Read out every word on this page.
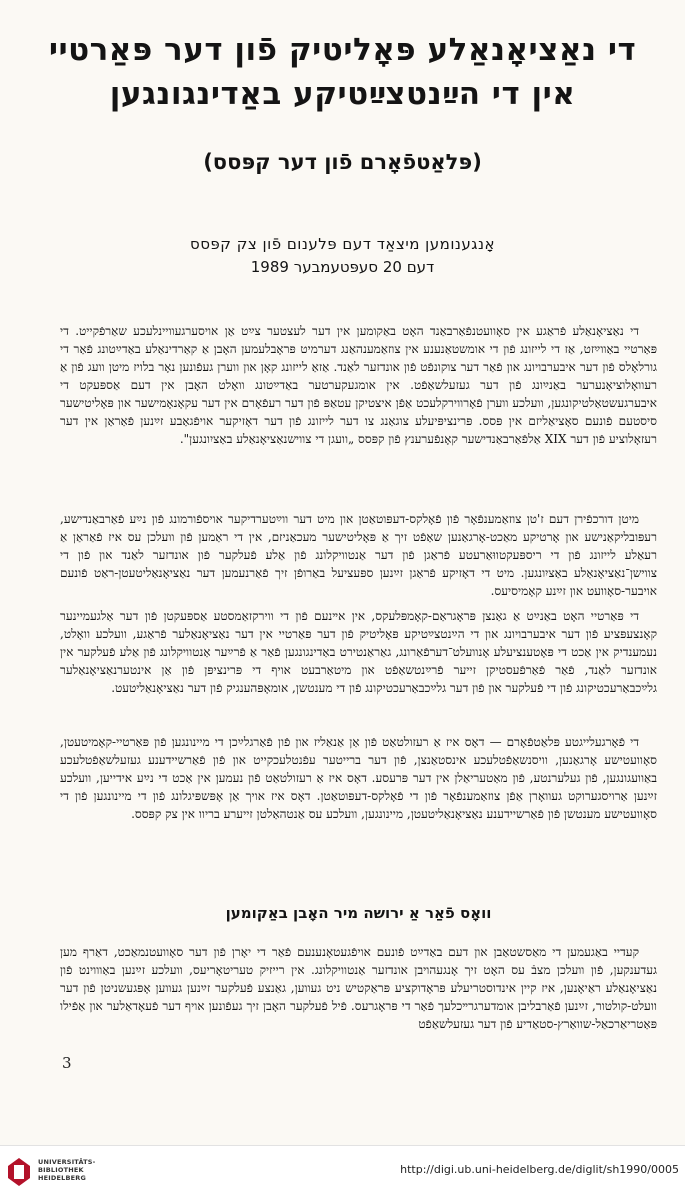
די נאַציאָנאַלע פּאָליטיק פֿון דער פּאַרטיי
אין די הײַנטצײַטיקע באַדינגונגען
(פּלאַטפֿאָרם פֿון דער קפּסס)
אָנגענומען מיצאַד דעם פּלענום פֿון צק קפּסס
דעם 20 סעפּטעמבער 1989

די נאַציאָנאַלע פֿראַגע אין סאָוועטנפֿאַרבאַנד האָט באַקומען אין דער לעצטער צײַט אַן אויסערגעוויינלעכע שאַרפֿקייט. די פּאַרטיי באַווײַזט, אַז די לייזונג פֿון די אומשטאַנענע אין צוזאַמענהאַנג דערמיט פּראָבלעמען האָבן אַ קאַרדינאַלע באַדײַטונג פֿאַר די גורלאָלס פֿון דער איבערבויונג און פֿאַר דער צוקונפֿט פֿון אונדזער לאַנד. אַזאַ לייזונג קאָן און ווערן געפֿונען נאָר בלויז מיטן וועג פֿון אַ רעוואָלוציאָנערער באַנײַונג פֿון דער געזעלשאַפֿט. אין אומגעקערטער באַדײַטונג וואָלט האָבן אין דעם אַספּעקט די איבערגעשטאַלטיקונגען, וועלכע ווערן פֿאָרווירקלעכט אַפֿן איצטיקן עטאַפּ פֿון דער רעפֿאָרם אין דער עקאָנאָמישער און פּאָליטישער סיסטעם פֿונעם סאָציאַליזם אין פּסס. פּרינציפּיעלע צוגאַנג צו דער לייזונג פֿון דער דאָזיקער אויפֿגאַבע זײַנען פֿאַראַן אין דער רעזאָלוציע פֿון דער XIX אַלפֿאַרבאַנדישער קאָנפֿערענץ פֿון קפּסס „וועגן די צווישנאַציאָנאַלע באַציִונגען".

מיטן דורכפֿירן דעם ז'טן צוזאַמענפֿאָר פֿון פֿאָלקס-דעפּוטאַטן און מיט דער ווײַטערדיקער אויספֿורמונג פֿון נײַע פֿאַרבאַנדישע, רעפּובליקאַנישע און אָרטיקע מאַכט-אָרגאַנען שאַפֿט זיך אַ פּאָליטישער מעכאַניזם, אין די ראַמען פֿון וועלכן עס איז פֿאַראַן אַ רעאַלע לייזונג פֿון די ריספּעקטווּאַרעטע פֿראַגן פֿון דער אַנטוויקלונג פֿון אַלע פֿעלקער פֿון אונדזער לאַנד און פֿון די צווישן־נאַציאָנאַלע באַציִונגען. מיט די דאָזיקע פֿראַגן זײַנען ספּעציעל באַרופֿן זיך פֿאַרנעמען דער נאַציאָנאַליטעטן-ראַט פֿונעם אויבער-סאָוועט און זײַנע קאָמיסיעס.

די פּאַרטיי האָט באַנײַט אַ גאַנצן פּראָגראַם-קאָמפּלעקס, אין אײנעם פֿון די ווירקזאַמסטע אַספּעקטן פֿון דער אַלגעמיינער קאָנצעפּציע פֿון דער איבערבויונג און די הײַנטצײַטיקע פּאָליטיק פֿון דער פּאַרטיי אין דער נאַציאָנאַלער פֿראַגע, וועלכע וואָלט, נעמענדיק אין אַכט די פּאָטענציעלע אָנוועלט־דערפֿאַרונג, גאַראַנטירט באַדינגונגען פֿאַר אַ פֿרײַער אַנטוויקלונג פֿון אַלע פֿעלקער אין אונדזער לאַנד, פֿאַר פֿאַרפֿעסטיקן זייער פֿרײַנטשאַפֿט און מיטאַרבעט אויף די פּרינציפּן פֿון אַן אינטערנאַציאָנאַלער גלײַכבאַרעכטיקונג פֿון די פֿעלקער און פֿון דער גלײַכבאַרעכטיקונג פֿון די מענטשן, אומאָפּהענגיק פֿון דער נאַציאָנאַליטעט.

די פֿאָרגעלייגטע פּלאַטפֿאָרם — דאָס איז אַ רעזולטאַט פֿון אַן אַנאַליז און פֿון פֿאַרגלײַכן די מיינונגען פֿון פּאַרטיי-קאָמיטעטן, סאָוועטישע אָרגאַנען, וויסנשאַפֿטלעכע אינסטאַנצן, פֿון דער ברייטער עפֿנטלעכקייט און פֿון פֿאַרשיידענע געזעלשאַפֿטלעכע באַוועגונגען, פֿון געלערנטע, פֿון מאַטעריאַלן אין דער פּרעסע. דאָס איז אַ רעזולטאַט פֿון נעמען אין אַכט די נײַע אידייען, וועלכע זײַנען אַרויסגערוקט געוואָרן אַפֿן צוזאַמענפֿאָר פֿון די פֿאָלקס-דעפּוטאַטן. דאָס איז אויך אַן אָפּשפּיגלונג פֿון די מיינונגען פֿון די סאָוועטישע מענטשן פֿון פֿאַרשיידענע נאַציאָנאַליטעטן, מיינונגען, וועלכע עס אַנטהאַלטן זייערע בריוו אין צק קפּסס.

וואָס פֿאַר אַ ירושה מיר האָבן באַקומען

קעדיי באַגעמען די מאַסשטאַבן און דעם באַדײַט פֿונעם אויפֿגעטאָנענעם פֿאַר די יאָרן פֿון דער סאָוועטנמאַכט, דאַרף מען געדענקען, פֿון וועלכן מצבֿ עס האָט זיך אָנגעהויבן אונדזער אַנטוויקלונג. אין רייזיק טעריטאָריעס, וועלכע זײַנען באַוווינט פֿון נאַציאָנאַלע ראַיאָנען, איז קיין אינדוסטריעלע פּראָדוקציע פּראַקטיש ניט געווען, גאַנצע פֿעלקער זײַנען געווען אָפּגעשניטן פֿון דער וועלט-קולטור, זײַנען פֿאַרבליבן אומדערגרײכלעך פֿאַר די פּראָגרעס. פֿיל פֿעלקער האָבן זיך געפֿונען אויף דער פֿעאָדאַלער און אַפֿילו פּאַטריאַרכאַל-שוואַרץ-סטאַדיע פֿון דער געזעלשאַפֿט

3
UNIVERSITÄTS-
BIBLIOTHEK
HEIDELBERG
http://digi.ub.uni-heidelberg.de/diglit/sh1990/0005
